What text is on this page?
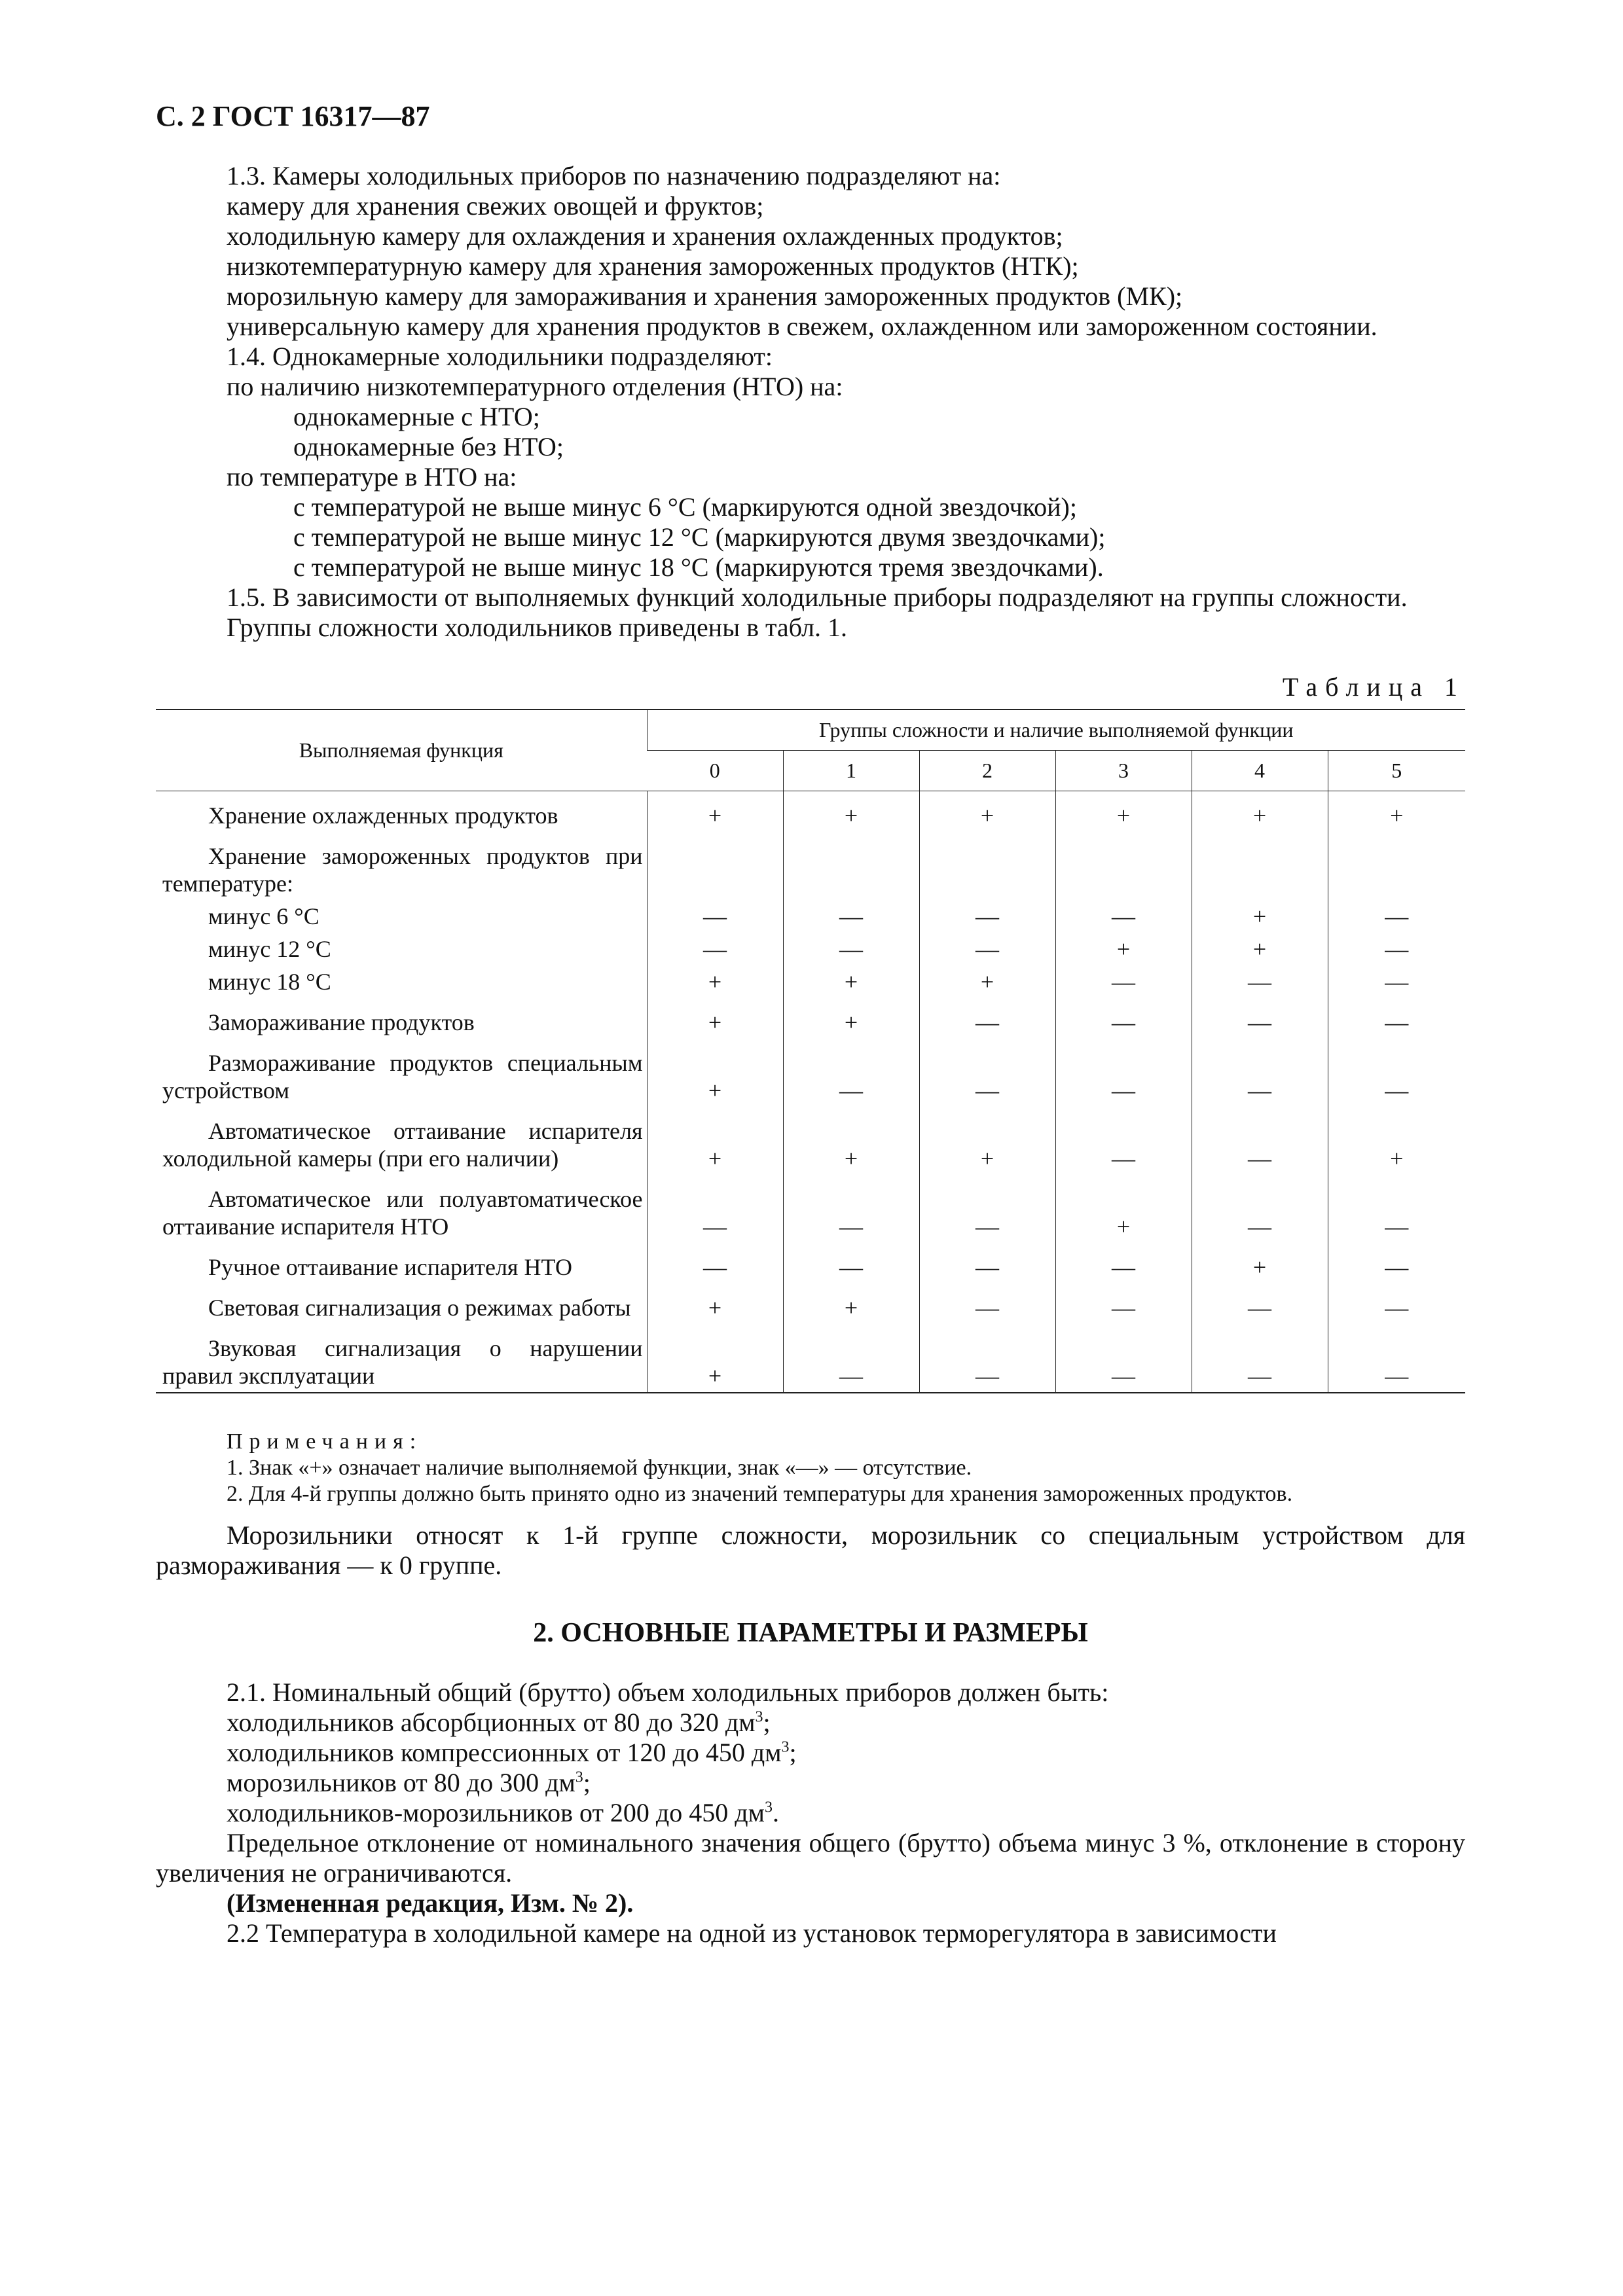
С. 2 ГОСТ 16317—87

1.3. Камеры холодильных приборов по назначению подразделяют на:

камеру для хранения свежих овощей и фруктов;

холодильную камеру для охлаждения и хранения охлажденных продуктов;

низкотемпературную камеру для хранения замороженных продуктов (НТК);

морозильную камеру для замораживания и хранения замороженных продуктов (МК);

универсальную камеру для хранения продуктов в свежем, охлажденном или замороженном состоянии.

1.4. Однокамерные холодильники подразделяют:

по наличию низкотемпературного отделения (НТО) на:

однокамерные с НТО;

однокамерные без НТО;

по температуре в НТО на:

с температурой не выше минус 6 °С (маркируются одной звездочкой);

с температурой не выше минус 12 °С (маркируются двумя звездочками);

с температурой не выше минус 18 °С (маркируются тремя звездочками).

1.5. В зависимости от выполняемых функций холодильные приборы подразделяют на группы сложности.

Группы сложности холодильников приведены в табл. 1.

Таблица 1
Выполняемая функция	Группы сложности и наличие выполняемой функции					
	0	1	2	3	4	5

Хранение охлажденных продуктов	+	+	+	+	+	+

Хранение замороженных продуктов при температуре:						

минус 6 °С	—	—	—	—	+	—

минус 12 °С	—	—	—	+	+	—

минус 18 °С	+	+	+	—	—	—

Замораживание продуктов	+	+	—	—	—	—

Размораживание продуктов специальным устройством	+	—	—	—	—	—

Автоматическое оттаивание испарителя холодильной камеры (при его наличии)	+	+	+	—	—	+

Автоматическое или полуавтоматическое оттаивание испарителя НТО	—	—	—	+	—	—

Ручное оттаивание испарителя НТО	—	—	—	—	+	—

Световая сигнализация о режимах работы	+	+	—	—	—	—

Звуковая сигнализация о нарушении правил эксплуатации	+	—	—	—	—	—
Примечания:
1. Знак «+» означает наличие выполняемой функции, знак «—» — отсутствие.
2. Для 4-й группы должно быть принято одно из значений температуры для хранения замороженных продуктов.

Морозильники относят к 1-й группе сложности, морозильник со специальным устройством для размораживания — к 0 группе.

2. ОСНОВНЫЕ ПАРАМЕТРЫ И РАЗМЕРЫ

2.1. Номинальный общий (брутто) объем холодильных приборов должен быть:

холодильников абсорбционных от 80 до 320 $дм^3$;

холодильников компрессионных от 120 до 450 $дм^3$;

морозильников от 80 до 300 $дм^3$;

холодильников-морозильников от 200 до 450 $дм^3$.

Предельное отклонение от номинального значения общего (брутто) объема минус 3 %, отклонение в сторону увеличения не ограничиваются.

(Измененная редакция, Изм. № 2).

2.2 Температура в холодильной камере на одной из установок терморегулятора в зависимости
